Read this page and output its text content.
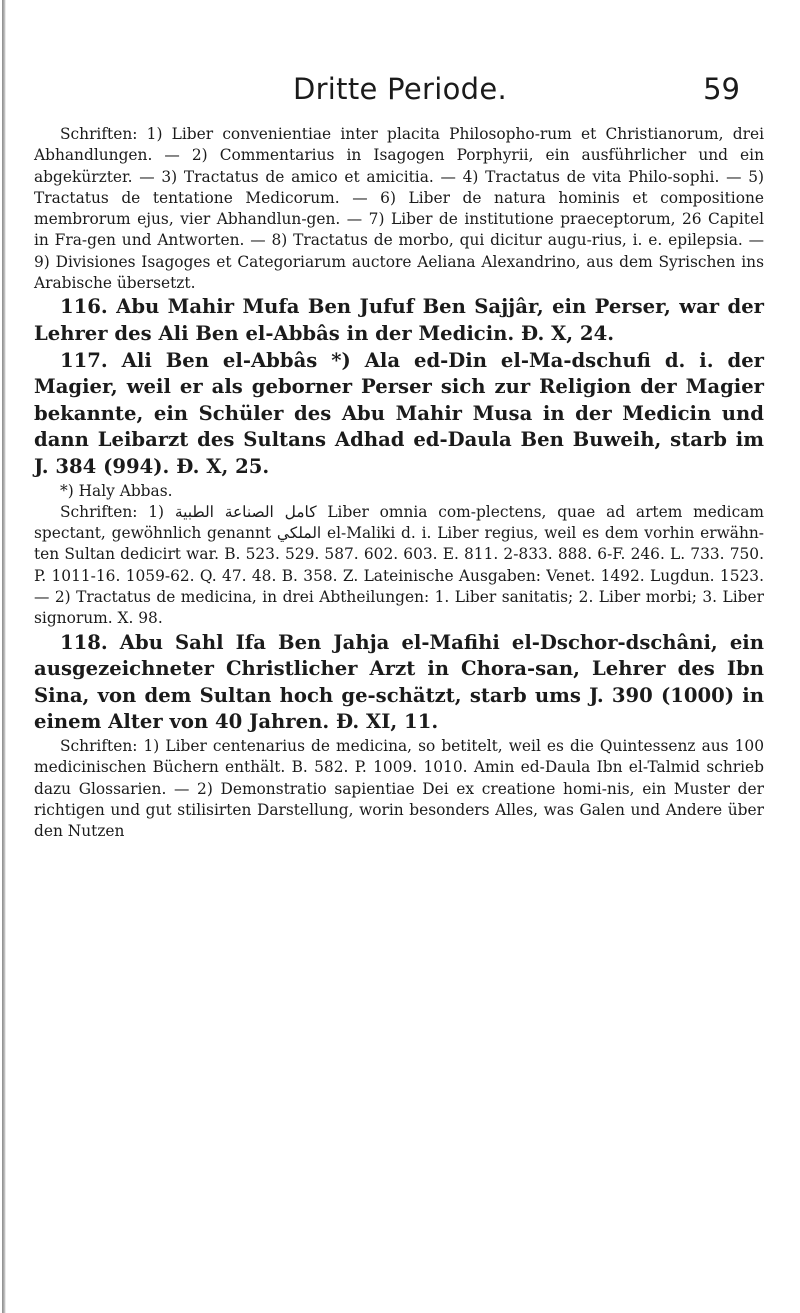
Dritte Periode.	59

Schriften: 1) Liber convenientiae inter placita Philosopho-rum et Christianorum, drei Abhandlungen. — 2) Commentarius in Isagogen Porphyrii, ein ausführlicher und ein abgekürzter. — 3) Tractatus de amico et amicitia. — 4) Tractatus de vita Philo-sophi. — 5) Tractatus de tentatione Medicorum. — 6) Liber de natura hominis et compositione membrorum ejus, vier Abhandlun-gen. — 7) Liber de institutione praeceptorum, 26 Capitel in Fra-gen und Antworten. — 8) Tractatus de morbo, qui dicitur augu-rius, i. e. epilepsia. — 9) Divisiones Isagoges et Categoriarum auctore Aeliana Alexandrino, aus dem Syrischen ins Arabische übersetzt.

116. Abu Mahir Mufa Ben Jufuf Ben Sajjâr, ein Perser, war der Lehrer des Ali Ben el-Abbâs in der Medicin. Ð. X, 24.

117. Ali Ben el-Abbâs *) Ala ed-Din el-Ma-dschufi d. i. der Magier, weil er als geborner Perser sich zur Religion der Magier bekannte, ein Schüler des Abu Mahir Musa in der Medicin und dann Leibarzt des Sultans Adhad ed-Daula Ben Buweih, starb im J. 384 (994). Ð. X, 25.

*) Haly Abbas.

Schriften: 1) كامل الصناعة الطبية Liber omnia com-plectens, quae ad artem medicam spectant, gewöhnlich genannt الملكي el-Maliki d. i. Liber regius, weil es dem vorhin erwähn-ten Sultan dedicirt war. B. 523. 529. 587. 602. 603. E. 811. 2-833. 888. 6-F. 246. L. 733. 750. P. 1011-16. 1059-62. Q. 47. 48. B. 358. Z. Lateinische Ausgaben: Venet. 1492. Lugdun. 1523. — 2) Tractatus de medicina, in drei Abtheilungen: 1. Liber sanitatis; 2. Liber morbi; 3. Liber signorum. X. 98.

118. Abu Sahl Ifa Ben Jahja el-Mafihi el-Dschor-dschâni, ein ausgezeichneter Christlicher Arzt in Chora-san, Lehrer des Ibn Sina, von dem Sultan hoch ge-schätzt, starb ums J. 390 (1000) in einem Alter von 40 Jahren. Ð. XI, 11.

Schriften: 1) Liber centenarius de medicina, so betitelt, weil es die Quintessenz aus 100 medicinischen Büchern enthält. B. 582. P. 1009. 1010. Amin ed-Daula Ibn el-Talmid schrieb dazu Glossarien. — 2) Demonstratio sapientiae Dei ex creatione homi-nis, ein Muster der richtigen und gut stilisirten Darstellung, worin besonders Alles, was Galen und Andere über den Nutzen
